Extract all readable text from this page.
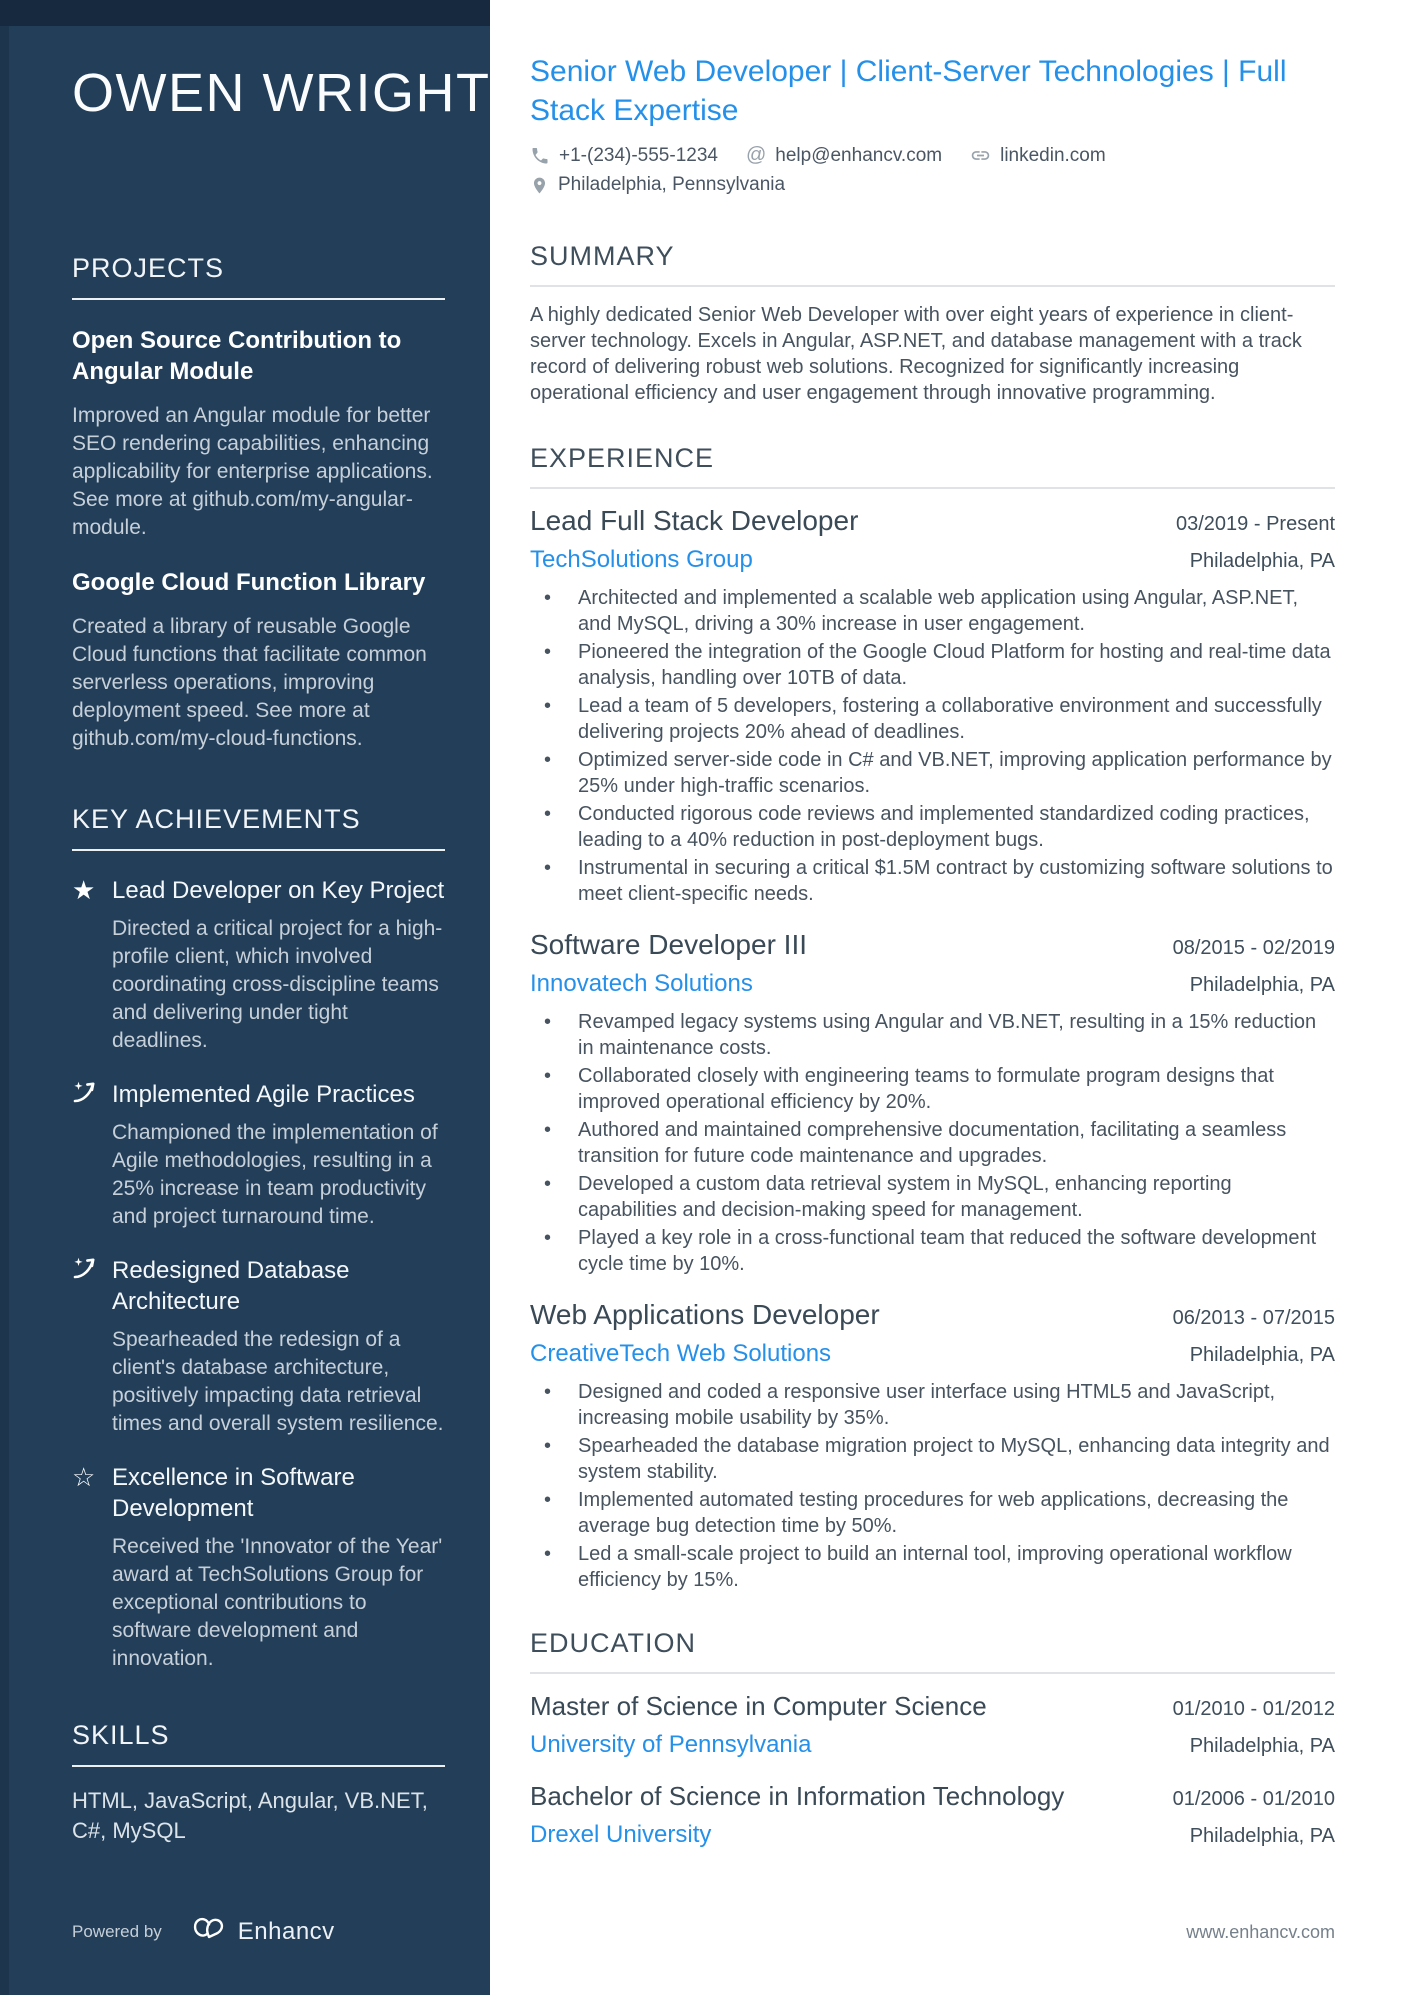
OWEN WRIGHT
PROJECTS
Open Source Contribution to Angular Module
Improved an Angular module for better SEO rendering capabilities, enhancing applicability for enterprise applications. See more at github.com/my-angular-module.
Google Cloud Function Library
Created a library of reusable Google Cloud functions that facilitate common serverless operations, improving deployment speed. See more at github.com/my-cloud-functions.
KEY ACHIEVEMENTS
★ Lead Developer on Key Project
Directed a critical project for a high-profile client, which involved coordinating cross-discipline teams and delivering under tight deadlines.
Implemented Agile Practices
Championed the implementation of Agile methodologies, resulting in a 25% increase in team productivity and project turnaround time.
Redesigned Database Architecture
Spearheaded the redesign of a client's database architecture, positively impacting data retrieval times and overall system resilience.
☆ Excellence in Software Development
Received the 'Innovator of the Year' award at TechSolutions Group for exceptional contributions to software development and innovation.
SKILLS

HTML, JavaScript, Angular, VB.NET, C#, MySQL

Powered by	Enhancv
Senior Web Developer | Client-Server Technologies | Full Stack Expertise
+1-(234)-555-1234 @ help@enhancv.com	linkedin.com
Philadelphia, Pennsylvania
SUMMARY

A highly dedicated Senior Web Developer with over eight years of experience in client-server technology. Excels in Angular, ASP.NET, and database management with a track record of delivering robust web solutions. Recognized for significantly increasing operational efficiency and user engagement through innovative programming.

EXPERIENCE
Lead Full Stack Developer	03/2019 - Present
TechSolutions Group	Philadelphia, PA
• Architected and implemented a scalable web application using Angular, ASP.NET, and MySQL, driving a 30% increase in user engagement.
• Pioneered the integration of the Google Cloud Platform for hosting and real-time data analysis, handling over 10TB of data.
• Lead a team of 5 developers, fostering a collaborative environment and successfully delivering projects 20% ahead of deadlines.
• Optimized server-side code in C# and VB.NET, improving application performance by 25% under high-traffic scenarios.
• Conducted rigorous code reviews and implemented standardized coding practices, leading to a 40% reduction in post-deployment bugs.
• Instrumental in securing a critical $1.5M contract by customizing software solutions to meet client-specific needs.
Software Developer III	08/2015 - 02/2019
Innovatech Solutions	Philadelphia, PA
• Revamped legacy systems using Angular and VB.NET, resulting in a 15% reduction in maintenance costs.
• Collaborated closely with engineering teams to formulate program designs that improved operational efficiency by 20%.
• Authored and maintained comprehensive documentation, facilitating a seamless transition for future code maintenance and upgrades.
• Developed a custom data retrieval system in MySQL, enhancing reporting capabilities and decision-making speed for management.
• Played a key role in a cross-functional team that reduced the software development cycle time by 10%.
Web Applications Developer	06/2013 - 07/2015
CreativeTech Web Solutions	Philadelphia, PA
• Designed and coded a responsive user interface using HTML5 and JavaScript, increasing mobile usability by 35%.
• Spearheaded the database migration project to MySQL, enhancing data integrity and system stability.
• Implemented automated testing procedures for web applications, decreasing the average bug detection time by 50%.
• Led a small-scale project to build an internal tool, improving operational workflow efficiency by 15%.
EDUCATION
Master of Science in Computer Science	01/2010 - 01/2012
University of Pennsylvania	Philadelphia, PA
Bachelor of Science in Information Technology	01/2006 - 01/2010
Drexel University	Philadelphia, PA
www.enhancv.com
